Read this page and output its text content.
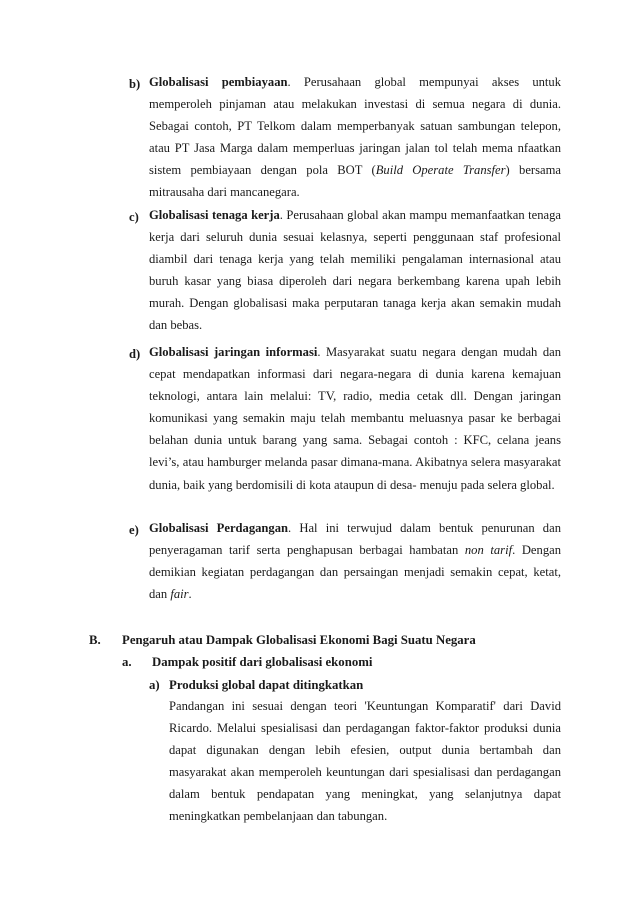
b) Globalisasi pembiayaan. Perusahaan global mempunyai akses untuk memperoleh pinjaman atau melakukan investasi di semua negara di dunia. Sebagai contoh, PT Telkom dalam memperbanyak satuan sambungan telepon, atau PT Jasa Marga dalam memperluas jaringan jalan tol telah mema nfaatkan sistem pembiayaan dengan pola BOT (Build Operate Transfer) bersama mitrausaha dari mancanegara.
c) Globalisasi tenaga kerja. Perusahaan global akan mampu memanfaatkan tenaga kerja dari seluruh dunia sesuai kelasnya, seperti penggunaan staf profesional diambil dari tenaga kerja yang telah memiliki pengalaman internasional atau buruh kasar yang biasa diperoleh dari negara berkembang karena upah lebih murah. Dengan globalisasi maka perputaran tanaga kerja akan semakin mudah dan bebas.
d) Globalisasi jaringan informasi. Masyarakat suatu negara dengan mudah dan cepat mendapatkan informasi dari negara-negara di dunia karena kemajuan teknologi, antara lain melalui: TV, radio, media cetak dll. Dengan jaringan komunikasi yang semakin maju telah membantu meluasnya pasar ke berbagai belahan dunia untuk barang yang sama. Sebagai contoh : KFC, celana jeans levi’s, atau hamburger melanda pasar dimana-mana. Akibatnya selera masyarakat dunia, baik yang berdomisili di kota ataupun di desa- menuju pada selera global.
e) Globalisasi Perdagangan. Hal ini terwujud dalam bentuk penurunan dan penyeragaman tarif serta penghapusan berbagai hambatan non tarif. Dengan demikian kegiatan perdagangan dan persaingan menjadi semakin cepat, ketat, dan fair.
B. Pengaruh atau Dampak Globalisasi Ekonomi Bagi Suatu Negara
a. Dampak positif dari globalisasi ekonomi
a) Produksi global dapat ditingkatkan
Pandangan ini sesuai dengan teori 'Keuntungan Komparatif' dari David Ricardo. Melalui spesialisasi dan perdagangan faktor-faktor produksi dunia dapat digunakan dengan lebih efesien, output dunia bertambah dan masyarakat akan memperoleh keuntungan dari spesialisasi dan perdagangan dalam bentuk pendapatan yang meningkat, yang selanjutnya dapat meningkatkan pembelanjaan dan tabungan.
